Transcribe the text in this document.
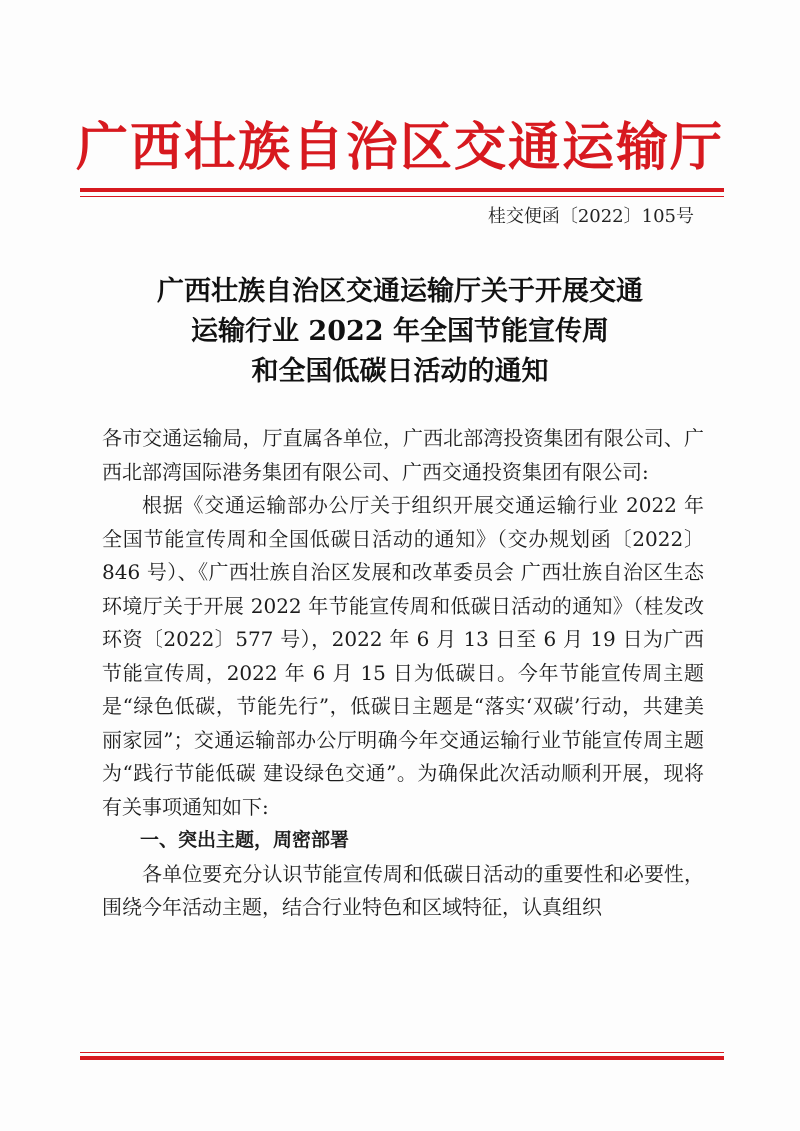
广西壮族自治区交通运输厅
桂交便函〔2022〕105号
广西壮族自治区交通运输厅关于开展交通
运输行业 2022 年全国节能宣传周
和全国低碳日活动的通知

各市交通运输局，厅直属各单位，广西北部湾投资集团有限公司、广西北部湾国际港务集团有限公司、广西交通投资集团有限公司:

根据《交通运输部办公厅关于组织开展交通运输行业 2022 年全国节能宣传周和全国低碳日活动的通知》（交办规划函〔2022〕846 号）、《广西壮族自治区发展和改革委员会 广西壮族自治区生态环境厅关于开展 2022 年节能宣传周和低碳日活动的通知》（桂发改环资〔2022〕577 号），2022 年 6 月 13 日至 6 月 19 日为广西节能宣传周，2022 年 6 月 15 日为低碳日。今年节能宣传周主题是“绿色低碳，节能先行”，低碳日主题是“落实‘双碳’行动，共建美丽家园”；交通运输部办公厅明确今年交通运输行业节能宣传周主题为“践行节能低碳 建设绿色交通”。为确保此次活动顺利开展，现将有关事项通知如下:

一、突出主题，周密部署

各单位要充分认识节能宣传周和低碳日活动的重要性和必要性，围绕今年活动主题，结合行业特色和区域特征，认真组织
